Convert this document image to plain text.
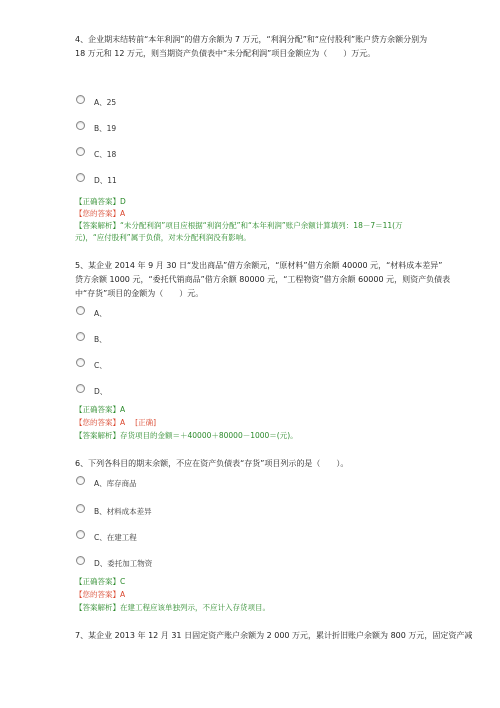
4、企业期末结转前“本年利润”的借方余额为 7 万元，“利润分配”和“应付股利”账户贷方余额分别为
18 万元和 12 万元，则当期资产负债表中“未分配利润”项目金额应为（　　）万元。
A、25
B、19
C、18
D、11
【正确答案】D
【您的答案】A
【答案解析】“未分配利润”项目应根据“利润分配”和“本年利润”账户余额计算填列：18－7＝11(万
元)，“应付股利”属于负债，对未分配利润没有影响。
5、某企业 2014 年 9 月 30 日“发出商品”借方余额元，“原材料”借方余额 40000 元，“材料成本差异”
贷方余额 1000 元，“委托代销商品”借方余额 80000 元，“工程物资”借方余额 60000 元，则资产负债表
中“存货”项目的金额为（　　）元。
A、
B、
C、
D、
【正确答案】A
【您的答案】A [正确]
【答案解析】存货项目的金额＝＋40000＋80000－1000＝(元)。
6、下列各科目的期末余额，不应在资产负债表“存货”项目列示的是（　　）。
A、库存商品
B、材料成本差异
C、在建工程
D、委托加工物资
【正确答案】C
【您的答案】A
【答案解析】在建工程应该单独列示，不应计入存货项目。
7、某企业 2013 年 12 月 31 日固定资产账户余额为 2 000 万元，累计折旧账户余额为 800 万元，固定资产减
